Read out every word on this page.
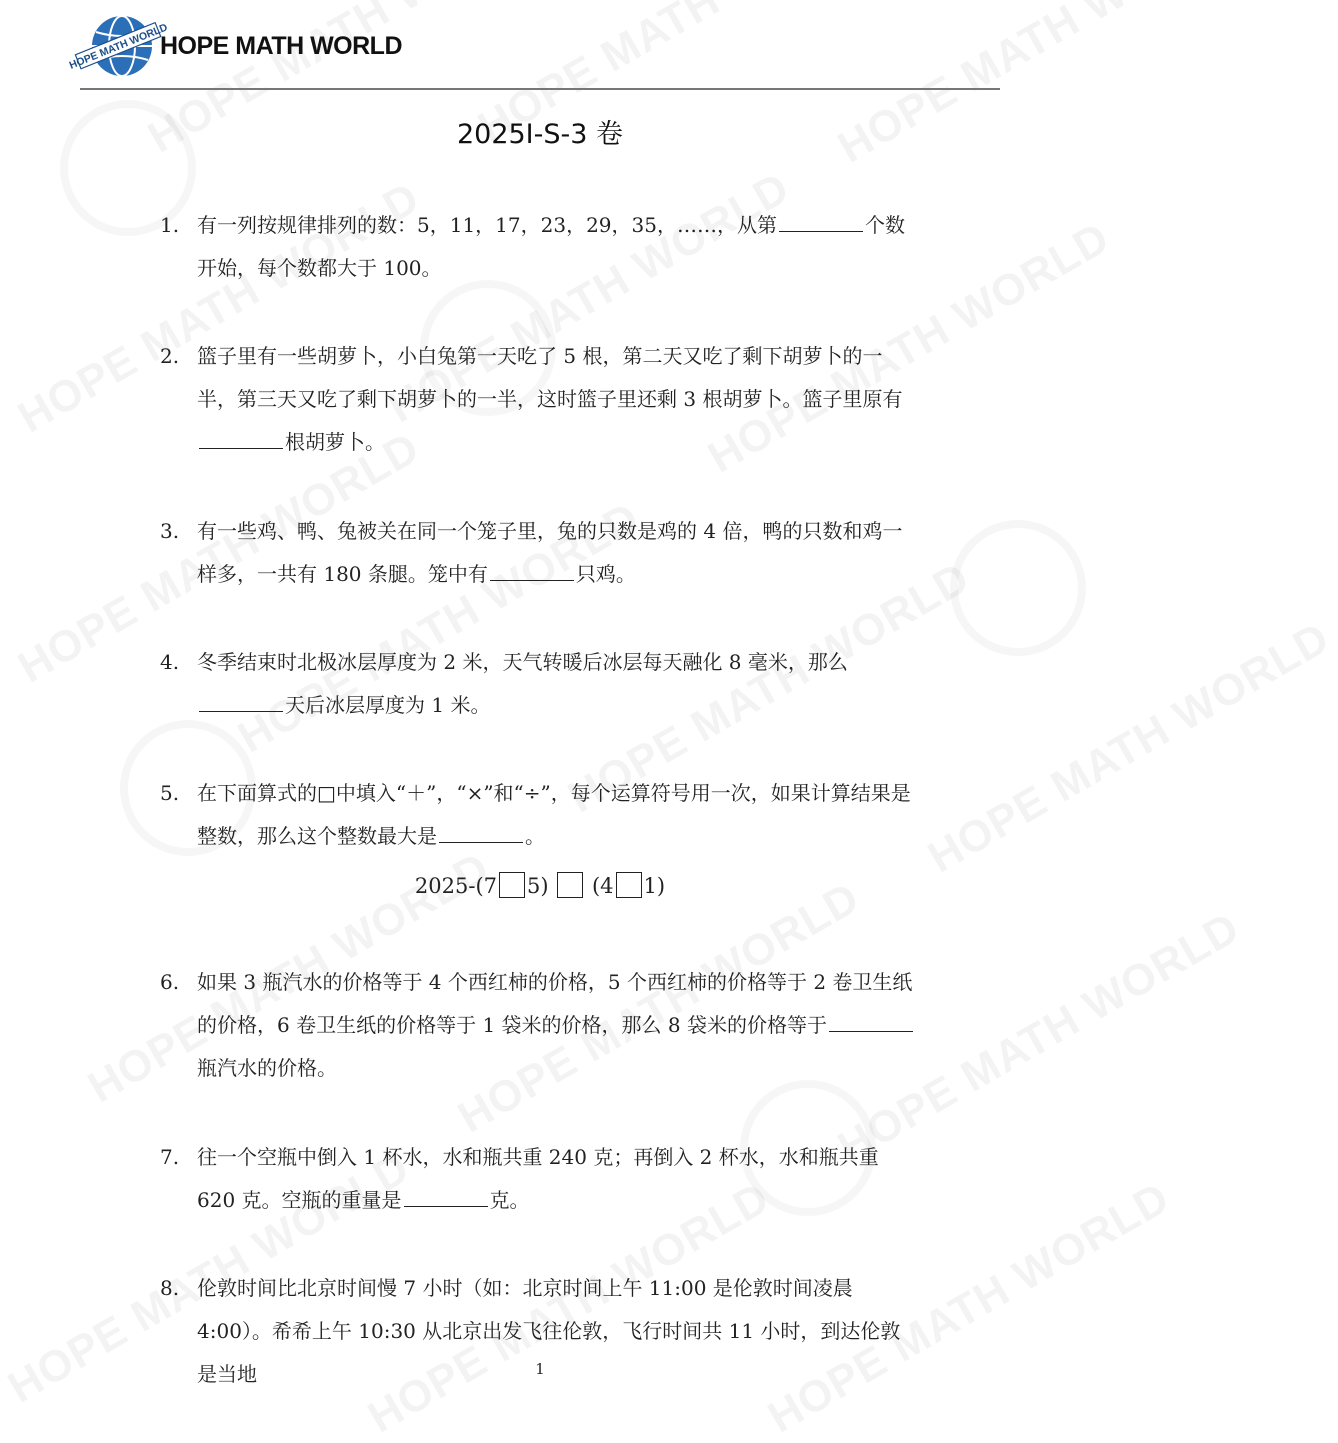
HOPE MATH WORLD
HOPE MATH WORLD
2025I-S-3 卷
1. 有一列按规律排列的数：5，11，17，23，29，35，……，从第	个数开始，每个数都大于 100。
2. 篮子里有一些胡萝卜，小白兔第一天吃了 5 根，第二天又吃了剩下胡萝卜的一半，第三天又吃了剩下胡萝卜的一半，这时篮子里还剩 3 根胡萝卜。篮子里原有根胡萝卜。
3. 有一些鸡、鸭、兔被关在同一个笼子里，兔的只数是鸡的 4 倍，鸭的只数和鸡一样多，一共有 180 条腿。笼中有	只鸡。
4. 冬季结束时北极冰层厚度为 2 米，天气转暖后冰层每天融化 8 毫米，那么天后冰层厚度为 1 米。
5. 在下面算式的□中填入“＋”，“×”和“÷”，每个运算符号用一次，如果计算结果是整数，那么这个整数最大是	。
2025-(7 5) (4 1)
6. 如果 3 瓶汽水的价格等于 4 个西红柿的价格，5 个西红柿的价格等于 2 卷卫生纸的价格，6 卷卫生纸的价格等于 1 袋米的价格，那么 8 袋米的价格等于瓶汽水的价格。
7. 往一个空瓶中倒入 1 杯水，水和瓶共重 240 克；再倒入 2 杯水，水和瓶共重 620 克。空瓶的重量是	克。
8. 伦敦时间比北京时间慢 7 小时（如：北京时间上午 11:00 是伦敦时间凌晨 4:00）。希希上午 10:30 从北京出发飞往伦敦，飞行时间共 11 小时，到达伦敦是当地	1
